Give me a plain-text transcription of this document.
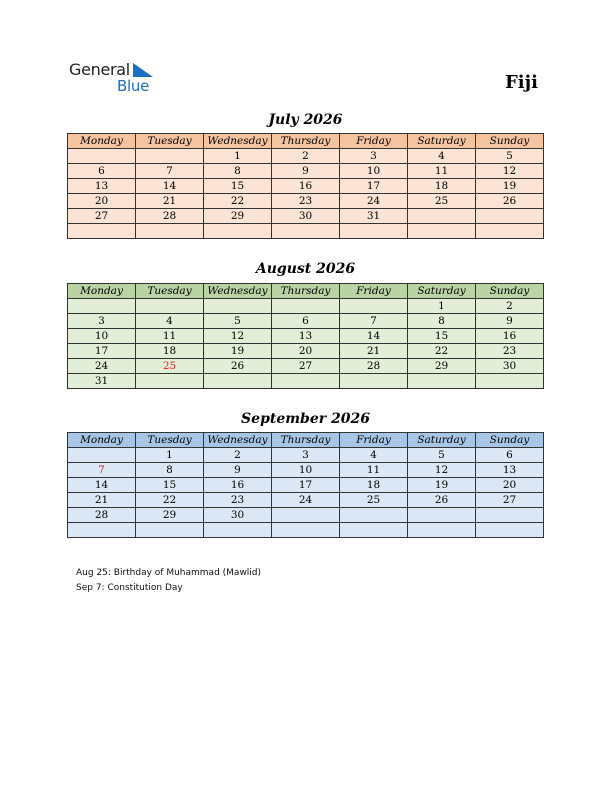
General
Blue	Fiji
July 2026
Monday	Tuesday	Wednesday	Thursday	Friday	Saturday	Sunday
		1	2	3	4	5
6	7	8	9	10	11	12
13	14	15	16	17	18	19
20	21	22	23	24	25	26
27	28	29	30	31		

August 2026
Monday	Tuesday	Wednesday	Thursday	Friday	Saturday	Sunday
					1	2
3	4	5	6	7	8	9
10	11	12	13	14	15	16
17	18	19	20	21	22	23
24	25	26	27	28	29	30
31						
September 2026
Monday	Tuesday	Wednesday	Thursday	Friday	Saturday	Sunday
	1	2	3	4	5	6
7	8	9	10	11	12	13
14	15	16	17	18	19	20
21	22	23	24	25	26	27
28	29	30				

Aug 25: Birthday of Muhammad (Mawlid)
Sep 7: Constitution Day
